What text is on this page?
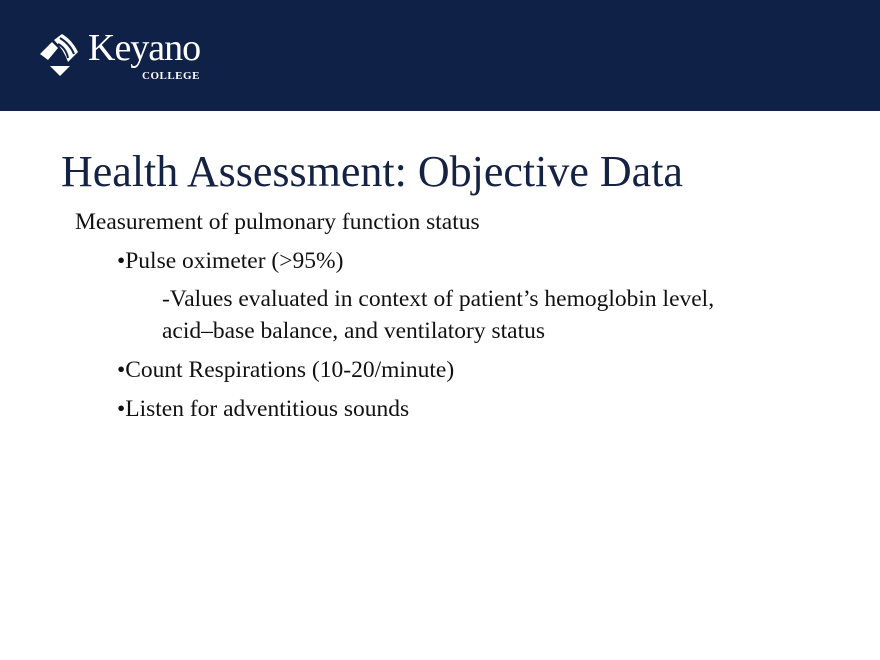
Keyano
COLLEGE
Health Assessment: Objective Data
Measurement of pulmonary function status
•Pulse oximeter (>95%)
-Values evaluated in context of patient’s hemoglobin level,
acid–base balance, and ventilatory status
•Count Respirations (10-20/minute)
•Listen for adventitious sounds
